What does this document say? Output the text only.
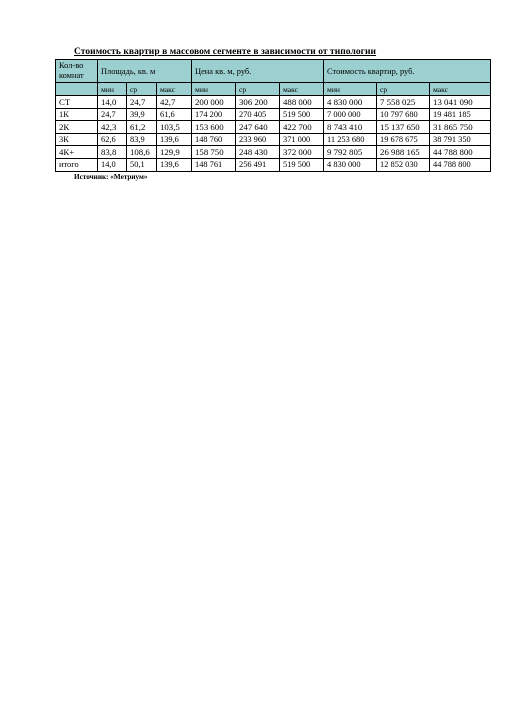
Стоимость квартир в массовом сегменте в зависимости от типологии
Кол-во комнат	Площадь, кв. м			Цена кв. м, руб.			Стоимость квартир, руб.		
	мин	ср	макс	мин	ср	макс	мин	ср	макс
СТ	14,0	24,7	42,7	200 000	306 200	488 000	4 830 000	7 558 025	13 041 090
1К	24,7	39,9	61,6	174 200	270 405	519 500	7 000 000	10 797 680	19 481 185
2К	42,3	61,2	103,5	153 600	247 640	422 700	8 743 410	15 137 650	31 865 750
3К	62,6	83,9	139,6	148 760	233 960	371 000	11 253 680	19 678 675	38 791 350
4К+	83,8	108,6	129,9	158 750	248 430	372 000	9 792 805	26 988 165	44 788 800
итого	14,0	50,1	139,6	148 761	256 491	519 500	4 830 000	12 852 030	44 788 800
Источник: «Метриум»
